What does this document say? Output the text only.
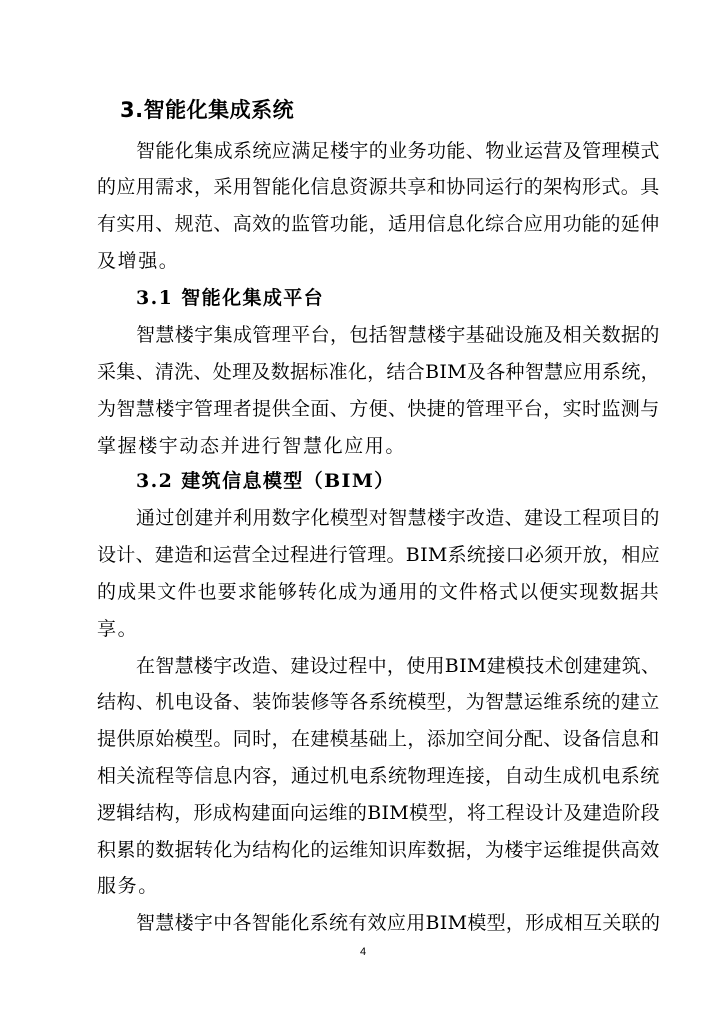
3.智能化集成系统

智能化集成系统应满足楼宇的业务功能、物业运营及管理模式

的应用需求，采用智能化信息资源共享和协同运行的架构形式。具

有实用、规范、高效的监管功能，适用信息化综合应用功能的延伸

及增强。

3.1 智能化集成平台

智慧楼宇集成管理平台，包括智慧楼宇基础设施及相关数据的

采集、清洗、处理及数据标准化，结合BIM及各种智慧应用系统，

为智慧楼宇管理者提供全面、方便、快捷的管理平台，实时监测与

掌握楼宇动态并进行智慧化应用。

3.2 建筑信息模型（BIM）

通过创建并利用数字化模型对智慧楼宇改造、建设工程项目的

设计、建造和运营全过程进行管理。BIM系统接口必须开放，相应

的成果文件也要求能够转化成为通用的文件格式以便实现数据共

享。

在智慧楼宇改造、建设过程中，使用BIM建模技术创建建筑、

结构、机电设备、装饰装修等各系统模型，为智慧运维系统的建立

提供原始模型。同时，在建模基础上，添加空间分配、设备信息和

相关流程等信息内容，通过机电系统物理连接，自动生成机电系统

逻辑结构，形成构建面向运维的BIM模型，将工程设计及建造阶段

积累的数据转化为结构化的运维知识库数据，为楼宇运维提供高效

服务。

智慧楼宇中各智能化系统有效应用BIM模型，形成相互关联的

4
